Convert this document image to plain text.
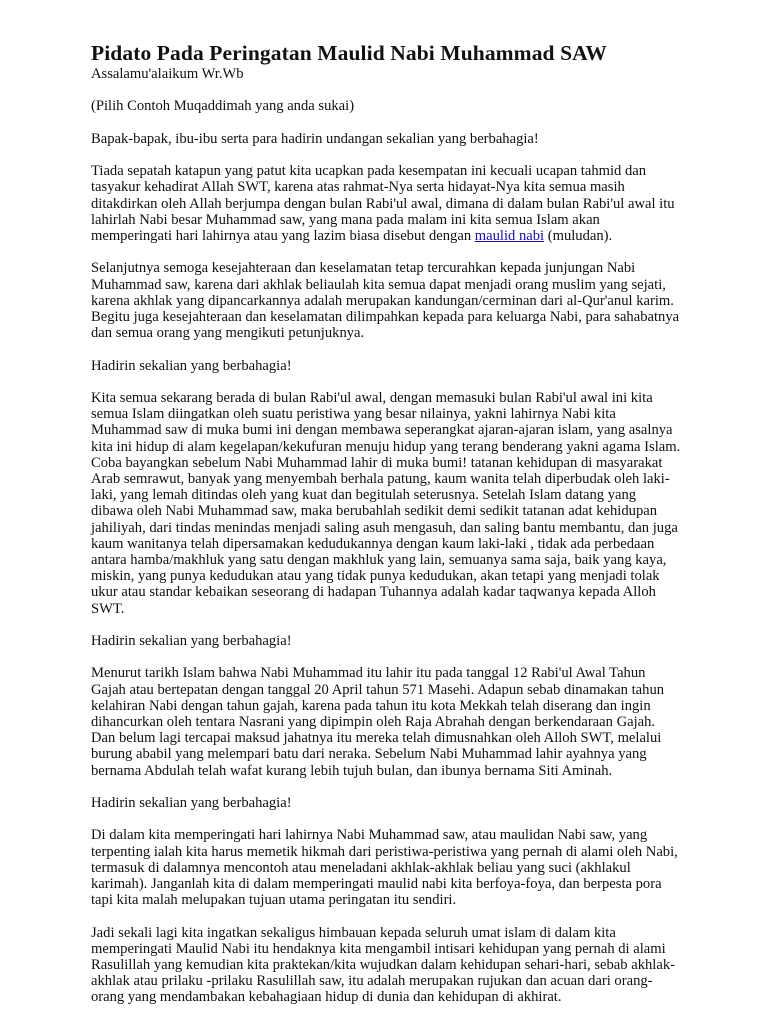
Pidato Pada Peringatan Maulid Nabi Muhammad SAW

Assalamu'alaikum Wr.Wb

(Pilih Contoh Muqaddimah yang anda sukai)

Bapak-bapak, ibu-ibu serta para hadirin undangan sekalian yang berbahagia!

Tiada sepatah katapun yang patut kita ucapkan pada kesempatan ini kecuali ucapan tahmid dan tasyakur kehadirat Allah SWT, karena atas rahmat-Nya serta hidayat-Nya kita semua masih ditakdirkan oleh Allah berjumpa dengan bulan Rabi'ul awal, dimana di dalam bulan Rabi'ul awal itu lahirlah Nabi besar Muhammad saw, yang mana pada malam ini kita semua Islam akan memperingati hari lahirnya atau yang lazim biasa disebut dengan maulid nabi (muludan).

Selanjutnya semoga kesejahteraan dan keselamatan tetap tercurahkan kepada junjungan Nabi Muhammad saw, karena dari akhlak beliaulah kita semua dapat menjadi orang muslim yang sejati, karena akhlak yang dipancarkannya adalah merupakan kandungan/cerminan dari al-Qur'anul karim. Begitu juga kesejahteraan dan keselamatan dilimpahkan kepada para keluarga Nabi, para sahabatnya dan semua orang yang mengikuti petunjuknya.

Hadirin sekalian yang berbahagia!

Kita semua sekarang berada di bulan Rabi'ul awal, dengan memasuki bulan Rabi'ul awal ini kita semua Islam diingatkan oleh suatu peristiwa yang besar nilainya, yakni lahirnya Nabi kita Muhammad saw di muka bumi ini dengan membawa seperangkat ajaran-ajaran islam, yang asalnya kita ini hidup di alam kegelapan/kekufuran menuju hidup yang terang benderang yakni agama Islam. Coba bayangkan sebelum Nabi Muhammad lahir di muka bumi! tatanan kehidupan di masyarakat Arab semrawut, banyak yang menyembah berhala patung, kaum wanita telah diperbudak oleh laki-laki, yang lemah ditindas oleh yang kuat dan begitulah seterusnya. Setelah Islam datang yang dibawa oleh Nabi Muhammad saw, maka berubahlah sedikit demi sedikit tatanan adat kehidupan jahiliyah, dari tindas menindas menjadi saling asuh mengasuh, dan saling bantu membantu, dan juga kaum wanitanya telah dipersamakan kedudukannya dengan kaum laki-laki , tidak ada perbedaan antara hamba/makhluk yang satu dengan makhluk yang lain, semuanya sama saja, baik yang kaya, miskin, yang punya kedudukan atau yang tidak punya kedudukan, akan tetapi yang menjadi tolak ukur atau standar kebaikan seseorang di hadapan Tuhannya adalah kadar taqwanya kepada Alloh SWT.

Hadirin sekalian yang berbahagia!

Menurut tarikh Islam bahwa Nabi Muhammad itu lahir itu pada tanggal 12 Rabi'ul Awal Tahun Gajah atau bertepatan dengan tanggal 20 April tahun 571 Masehi. Adapun sebab dinamakan tahun kelahiran Nabi dengan tahun gajah, karena pada tahun itu kota Mekkah telah diserang dan ingin dihancurkan oleh tentara Nasrani yang dipimpin oleh Raja Abrahah dengan berkendaraan Gajah. Dan belum lagi tercapai maksud jahatnya itu mereka telah dimusnahkan oleh Alloh SWT, melalui burung ababil yang melempari batu dari neraka. Sebelum Nabi Muhammad lahir ayahnya yang bernama Abdulah telah wafat kurang lebih tujuh bulan, dan ibunya bernama Siti Aminah.

Hadirin sekalian yang berbahagia!

Di dalam kita memperingati hari lahirnya Nabi Muhammad saw, atau maulidan Nabi saw, yang terpenting ialah kita harus memetik hikmah dari peristiwa-peristiwa yang pernah di alami oleh Nabi, termasuk di dalamnya mencontoh atau meneladani akhlak-akhlak beliau yang suci (akhlakul karimah). Janganlah kita di dalam memperingati maulid nabi kita berfoya-foya, dan berpesta pora tapi kita malah melupakan tujuan utama peringatan itu sendiri.

Jadi sekali lagi kita ingatkan sekaligus himbauan kepada seluruh umat islam di dalam kita memperingati Maulid Nabi itu hendaknya kita mengambil intisari kehidupan yang pernah di alami Rasulillah yang kemudian kita praktekan/kita wujudkan dalam kehidupan sehari-hari, sebab akhlak-akhlak atau prilaku -prilaku Rasulillah saw, itu adalah merupakan rujukan dan acuan dari orang-orang yang mendambakan kebahagiaan hidup di dunia dan kehidupan di akhirat.
